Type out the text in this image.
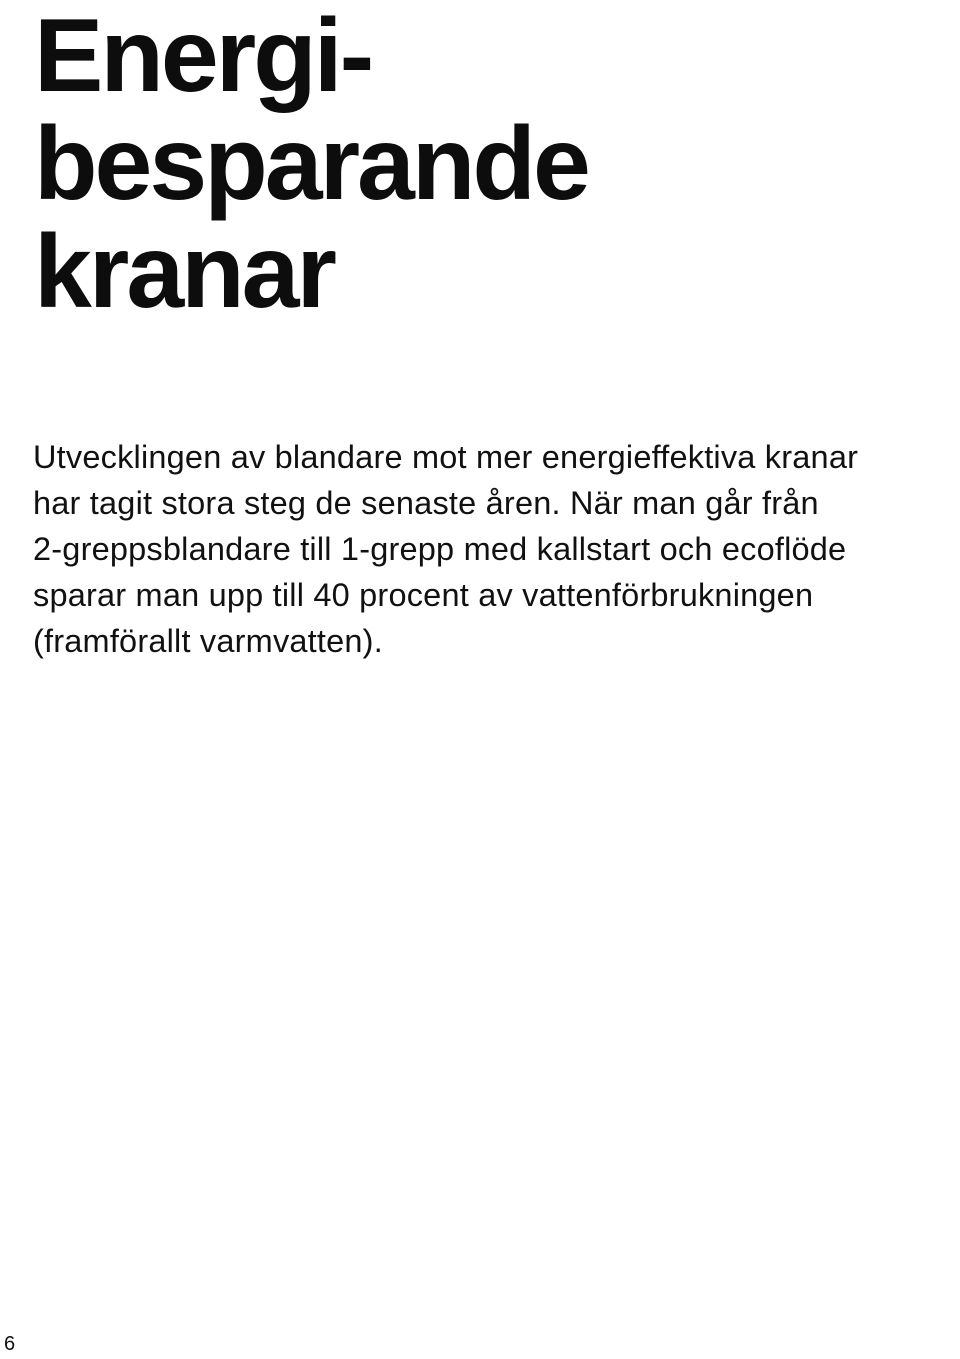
Energi-
besparande
kranar

Utvecklingen av blandare mot mer energieffektiva kranar
har tagit stora steg de senaste åren. När man går från
2-greppsblandare till 1-grepp med kallstart och ecoflöde
sparar man upp till 40 procent av vattenförbrukningen
(framförallt varmvatten).

6
